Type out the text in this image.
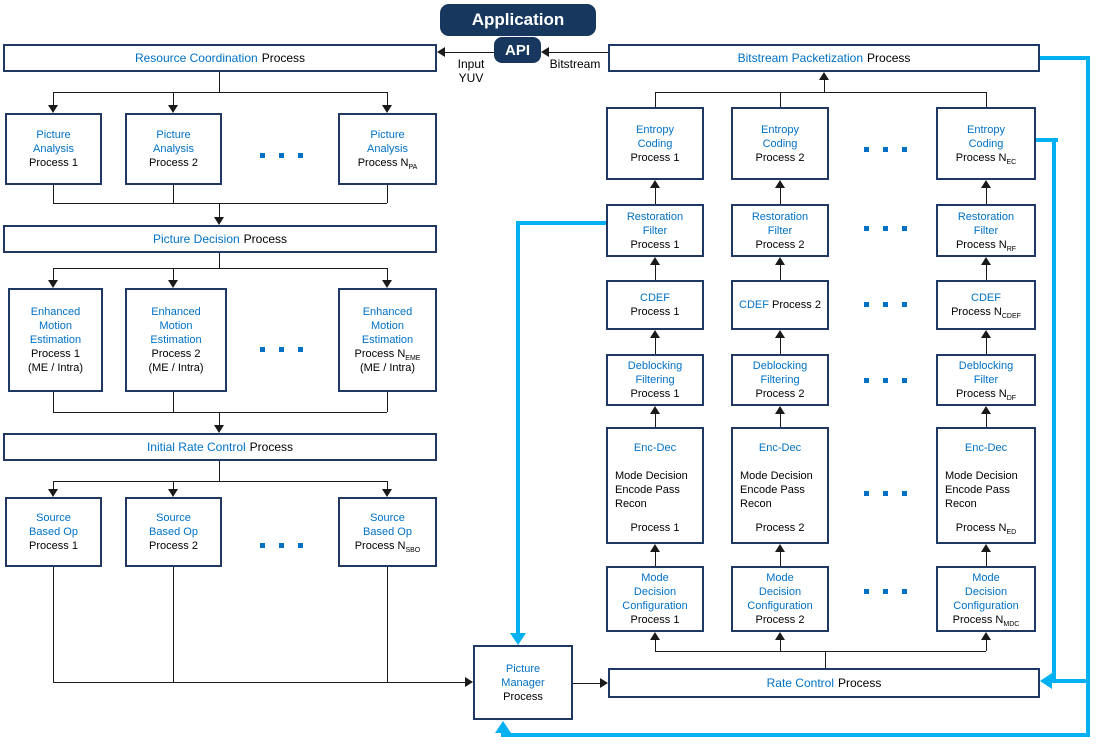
Application
API
Input
YUV
Bitstream
Resource Coordination Process
Picture Decision Process
Initial Rate Control Process
Picture
Analysis
Process 1
Picture
Analysis
Process 2
Picture
Analysis
Process $N_{PA}$
Enhanced
Motion
Estimation
Process 1
(ME / Intra)
Enhanced
Motion
Estimation
Process 2
(ME / Intra)
Enhanced
Motion
Estimation
Process $N_{EME}$
(ME / Intra)
Source
Based Op
Process 1
Source
Based Op
Process 2
Source
Based Op
Process $N_{SBO}$
Picture
Manager
Process
Bitstream Packetization Process
Rate Control Process
Entropy
Coding
Process 1
Entropy
Coding
Process 2
Entropy
Coding
Process $N_{EC}$
Restoration
Filter
Process 1
Restoration
Filter
Process 2
Restoration
Filter
Process $N_{RF}$
CDEF
Process 1
CDEF Process 2
CDEF
Process $N_{CDEF}$
Deblocking
Filtering
Process 1
Deblocking
Filtering
Process 2
Deblocking
Filter
Process $N_{DF}$
Enc-Dec
Mode Decision
Encode Pass
Recon
Process 1
Enc-Dec
Mode Decision
Encode Pass
Recon
Process 2
Enc-Dec
Mode Decision
Encode Pass
Recon
Process $N_{ED}$
Mode
Decision
Configuration
Process 1
Mode
Decision
Configuration
Process 2
Mode
Decision
Configuration
Process $N_{MDC}$
